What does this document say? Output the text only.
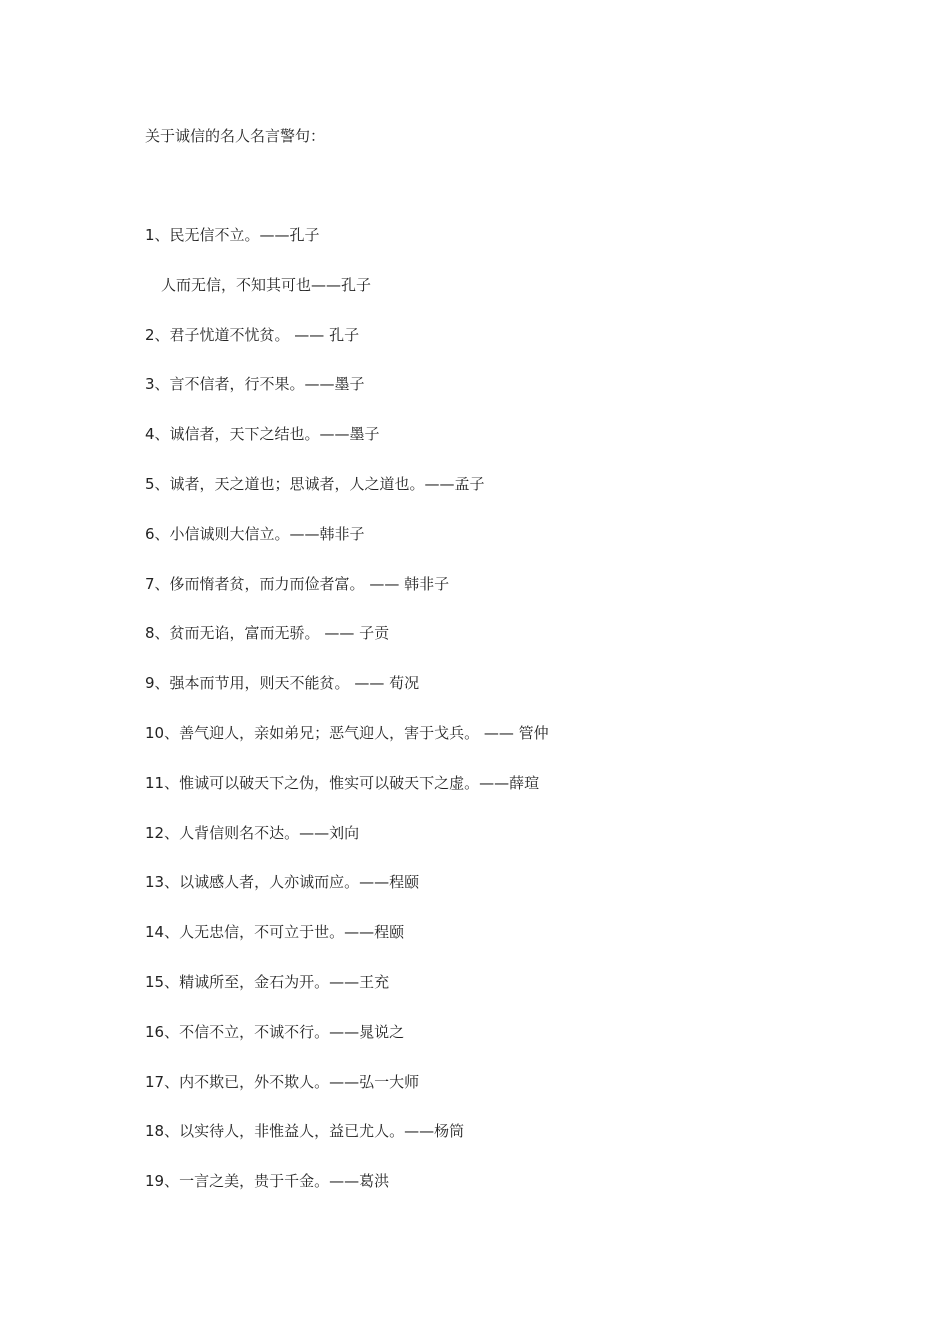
关于诚信的名人名言警句：
1、民无信不立。——孔子
人而无信，不知其可也——孔子
2、君子忧道不忧贫。 —— 孔子
3、言不信者，行不果。——墨子
4、诚信者，天下之结也。——墨子
5、诚者，天之道也；思诚者，人之道也。——孟子
6、小信诚则大信立。——韩非子
7、侈而惰者贫，而力而俭者富。 —— 韩非子
8、贫而无谄，富而无骄。 —— 子贡
9、强本而节用，则天不能贫。 —— 荀况
10、善气迎人，亲如弟兄；恶气迎人，害于戈兵。 —— 管仲
11、惟诚可以破天下之伪，惟实可以破天下之虚。——薛瑄
12、人背信则名不达。——刘向
13、以诚感人者，人亦诚而应。——程颐
14、人无忠信，不可立于世。——程颐
15、精诚所至，金石为开。——王充
16、不信不立，不诚不行。——晁说之
17、内不欺已，外不欺人。——弘一大师
18、以实待人，非惟益人，益已尤人。——杨筒
19、一言之美，贵于千金。——葛洪
